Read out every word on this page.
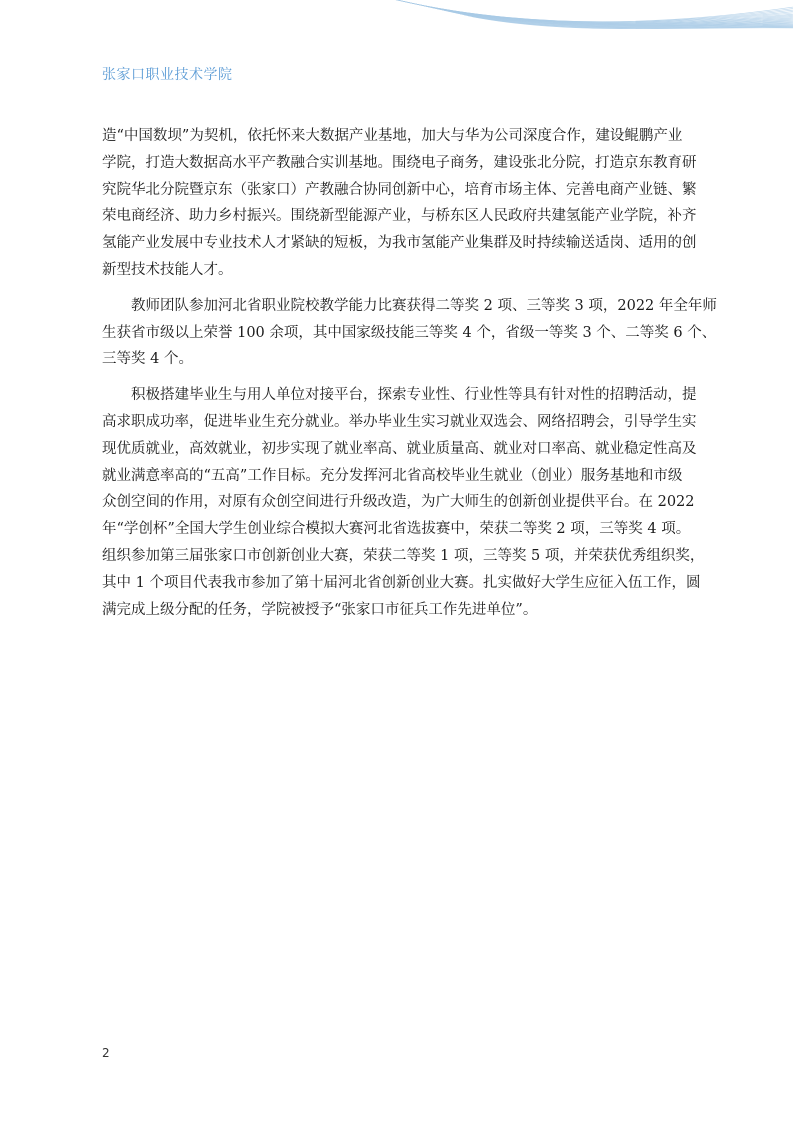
张家口职业技术学院
造“中国数坝”为契机，依托怀来大数据产业基地，加大与华为公司深度合作，建设鲲鹏产业
学院，打造大数据高水平产教融合实训基地。围绕电子商务，建设张北分院，打造京东教育研
究院华北分院暨京东（张家口）产教融合协同创新中心，培育市场主体、完善电商产业链、繁
荣电商经济、助力乡村振兴。围绕新型能源产业，与桥东区人民政府共建氢能产业学院，补齐
氢能产业发展中专业技术人才紧缺的短板，为我市氢能产业集群及时持续输送适岗、适用的创
新型技术技能人才。
　　教师团队参加河北省职业院校教学能力比赛获得二等奖 2 项、三等奖 3 项，2022 年全年师
生获省市级以上荣誉 100 余项，其中国家级技能三等奖 4 个，省级一等奖 3 个、二等奖 6 个、
三等奖 4 个。
　　积极搭建毕业生与用人单位对接平台，探索专业性、行业性等具有针对性的招聘活动，提
高求职成功率，促进毕业生充分就业。举办毕业生实习就业双选会、网络招聘会，引导学生实
现优质就业，高效就业，初步实现了就业率高、就业质量高、就业对口率高、就业稳定性高及
就业满意率高的“五高”工作目标。充分发挥河北省高校毕业生就业（创业）服务基地和市级
众创空间的作用，对原有众创空间进行升级改造，为广大师生的创新创业提供平台。在 2022
年“学创杯”全国大学生创业综合模拟大赛河北省选拔赛中，荣获二等奖 2 项，三等奖 4 项。
组织参加第三届张家口市创新创业大赛，荣获二等奖 1 项，三等奖 5 项，并荣获优秀组织奖，
其中 1 个项目代表我市参加了第十届河北省创新创业大赛。扎实做好大学生应征入伍工作，圆
满完成上级分配的任务，学院被授予“张家口市征兵工作先进单位”。
2
